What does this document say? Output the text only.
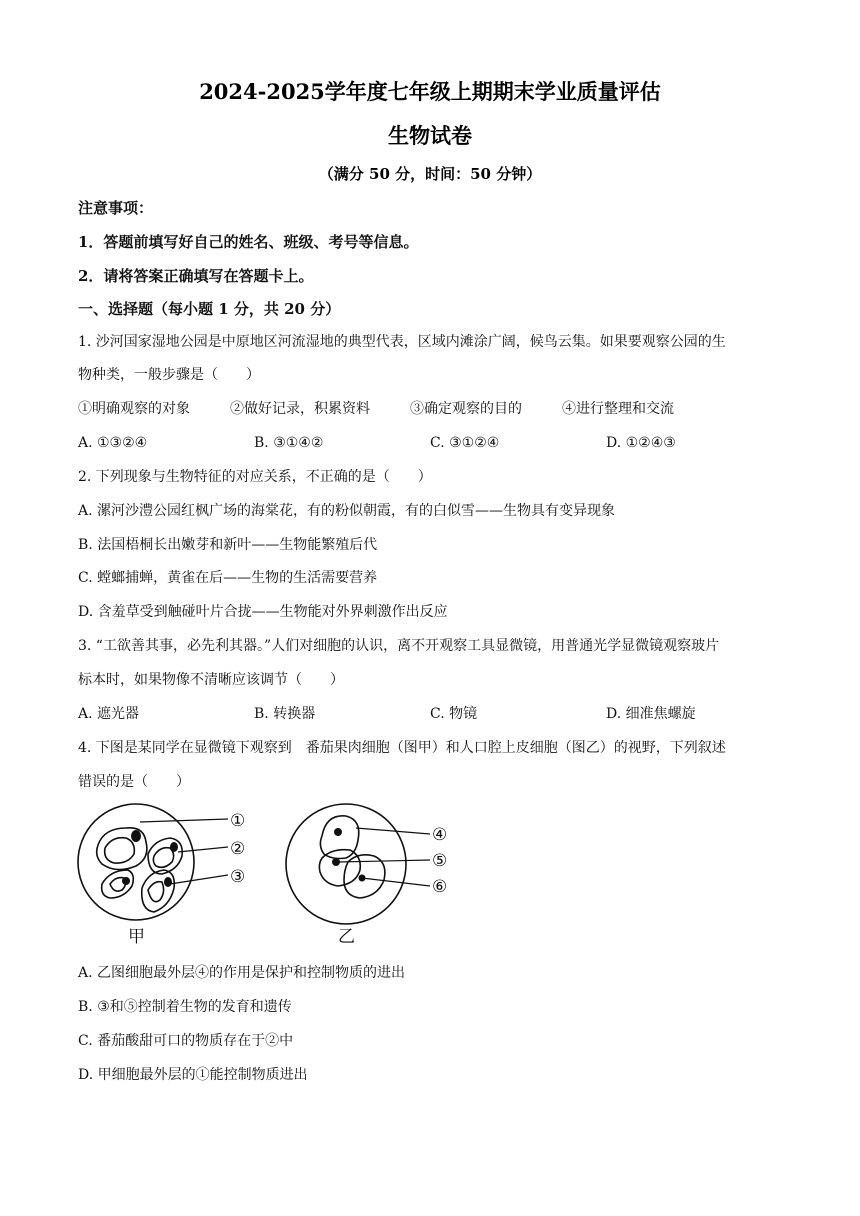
2024-2025学年度七年级上期期末学业质量评估
生物试卷
（满分 50 分，时间：50 分钟）
注意事项：
1．答题前填写好自己的姓名、班级、考号等信息。
2．请将答案正确填写在答题卡上。
一、选择题（每小题 1 分，共 20 分）
1. 沙河国家湿地公园是中原地区河流湿地的典型代表，区域内滩涂广阔，候鸟云集。如果要观察公园的生
物种类，一般步骤是（　　）
①明确观察的对象	②做好记录，积累资料	③确定观察的目的	④进行整理和交流
A. ①③②④	B. ③①④②	C. ③①②④	D. ①②④③
2. 下列现象与生物特征的对应关系，不正确的是（　　）
A. 漯河沙澧公园红枫广场的海棠花，有的粉似朝霞，有的白似雪——生物具有变异现象
B. 法国梧桐长出嫩芽和新叶——生物能繁殖后代
C. 螳螂捕蝉，黄雀在后——生物的生活需要营养
D. 含羞草受到触碰叶片合拢——生物能对外界刺激作出反应
3. “工欲善其事，必先利其器。”人们对细胞的认识，离不开观察工具显微镜，用普通光学显微镜观察玻片
标本时，如果物像不清晰应该调节（　　）
A. 遮光器	B. 转换器	C. 物镜	D. 细准焦螺旋
4. 下图是某同学在显微镜下观察到　番茄果肉细胞（图甲）和人口腔上皮细胞（图乙）的视野，下列叙述
错误的是（　　）
①
②
③
甲
④
⑤
⑥
乙
A. 乙图细胞最外层④的作用是保护和控制物质的进出
B. ③和⑤控制着生物的发育和遗传
C. 番茄酸甜可口的物质存在于②中
D. 甲细胞最外层的①能控制物质进出
